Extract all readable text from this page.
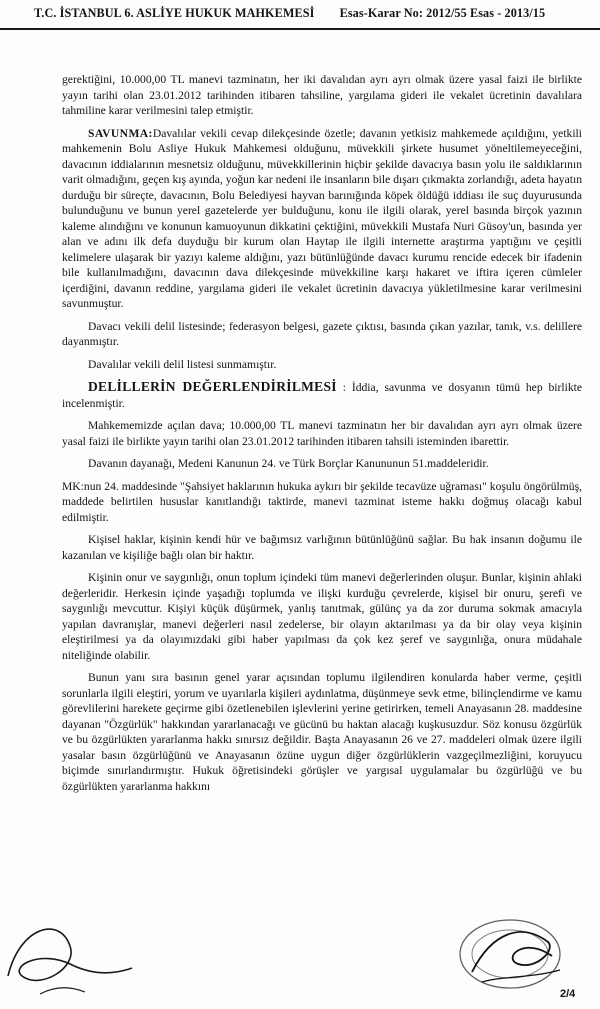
T.C. İSTANBUL 6. ASLİYE HUKUK MAHKEMESİ Esas-Karar No: 2012/55 Esas - 2013/15

gerektiğini, 10.000,00 TL manevi tazminatın, her iki davalıdan ayrı ayrı olmak üzere yasal faizi ile birlikte yayın tarihi olan 23.01.2012 tarihinden itibaren tahsiline, yargılama gideri ile vekalet ücretinin davalılara tahmiline karar verilmesini talep etmiştir.

SAVUNMA:Davalılar vekili cevap dilekçesinde özetle; davanın yetkisiz mahkemede açıldığını, yetkili mahkemenin Bolu Asliye Hukuk Mahkemesi olduğunu, müvekkili şirkete husumet yöneltilemeyeceğini, davacının iddialarının mesnetsiz olduğunu, müvekkillerinin hiçbir şekilde davacıya basın yolu ile saldıklarının varit olmadığını, geçen kış ayında, yoğun kar nedeni ile insanların bile dışarı çıkmakta zorlandığı, adeta hayatın durduğu bir süreçte, davacının, Bolu Belediyesi hayvan barınığında köpek öldüğü iddiası ile suç duyurusunda bulunduğunu ve bunun yerel gazetelerde yer bulduğunu, konu ile ilgili olarak, yerel basında birçok yazının kaleme alındığını ve konunun kamuoyunun dikkatini çektiğini, müvekkili Mustafa Nuri Güsoy'un, basında yer alan ve adını ilk defa duyduğu bir kurum olan Haytap ile ilgili internette araştırma yaptığını ve çeşitli kelimelere ulaşarak bir yazıyı kaleme aldığını, yazı bütünlüğünde davacı kurumu rencide edecek bir ifadenin bile kullanılmadığını, davacının dava dilekçesinde müvekkiline karşı hakaret ve iftira içeren cümleler içerdiğini, davanın reddine, yargılama gideri ile vekalet ücretinin davacıya yükletilmesine karar verilmesini savunmuştur.

Davacı vekili delil listesinde; federasyon belgesi, gazete çıktısı, basında çıkan yazılar, tanık, v.s. delillere dayanmıştır.

Davalılar vekili delil listesi sunmamıştır.

DELİLLERİN DEĞERLENDİRİLMESİ : İddia, savunma ve dosyanın tümü hep birlikte incelenmiştir.

Mahkememizde açılan dava; 10.000,00 TL manevi tazminatın her bir davalıdan ayrı ayrı olmak üzere yasal faizi ile birlikte yayın tarihi olan 23.01.2012 tarihinden itibaren tahsili isteminden ibarettir.

Davanın dayanağı, Medeni Kanunun 24. ve Türk Borçlar Kanununun 51.maddeleridir.

MK:nun 24. maddesinde "Şahsiyet haklarının hukuka aykırı bir şekilde tecavüze uğraması" koşulu öngörülmüş, maddede belirtilen hususlar kanıtlandığı taktirde, manevi tazminat isteme hakkı doğmuş olacağı kabul edilmiştir.

Kişisel haklar, kişinin kendi hür ve bağımsız varlığının bütünlüğünü sağlar. Bu hak insanın doğumu ile kazanılan ve kişiliğe bağlı olan bir haktır.

Kişinin onur ve saygınlığı, onun toplum içindeki tüm manevi değerlerinden oluşur. Bunlar, kişinin ahlaki değerleridir. Herkesin içinde yaşadığı toplumda ve ilişki kurduğu çevrelerde, kişisel bir onuru, şerefi ve saygınlığı mevcuttur. Kişiyi küçük düşürmek, yanlış tanıtmak, gülünç ya da zor duruma sokmak amacıyla yapılan davranışlar, manevi değerleri nasıl zedelerse, bir olayın aktarılması ya da bir olay veya kişinin eleştirilmesi ya da olayımızdaki gibi haber yapılması da çok kez şeref ve saygınlığa, onura müdahale niteliğinde olabilir.

Bunun yanı sıra basının genel yarar açısından toplumu ilgilendiren konularda haber verme, çeşitli sorunlarla ilgili eleştiri, yorum ve uyarılarla kişileri aydınlatma, düşünmeye sevk etme, bilinçlendirme ve kamu görevlilerini harekete geçirme gibi özetlenebilen işlevlerini yerine getirirken, temeli Anayasanın 28. maddesine dayanan "Özgürlük" hakkından yararlanacağı ve gücünü bu haktan alacağı kuşkusuzdur. Söz konusu özgürlük ve bu özgürlükten yararlanma hakkı sınırsız değildir. Başta Anayasanın 26 ve 27. maddeleri olmak üzere ilgili yasalar basın özgürlüğünü ve Anayasanın özüne uygun diğer özgürlüklerin vazgeçilmezliğini, koruyucu biçimde sınırlandırmıştır. Hukuk öğretisindeki görüşler ve yargısal uygulamalar bu özgürlüğü ve bu özgürlükten yararlanma hakkını

2/4
